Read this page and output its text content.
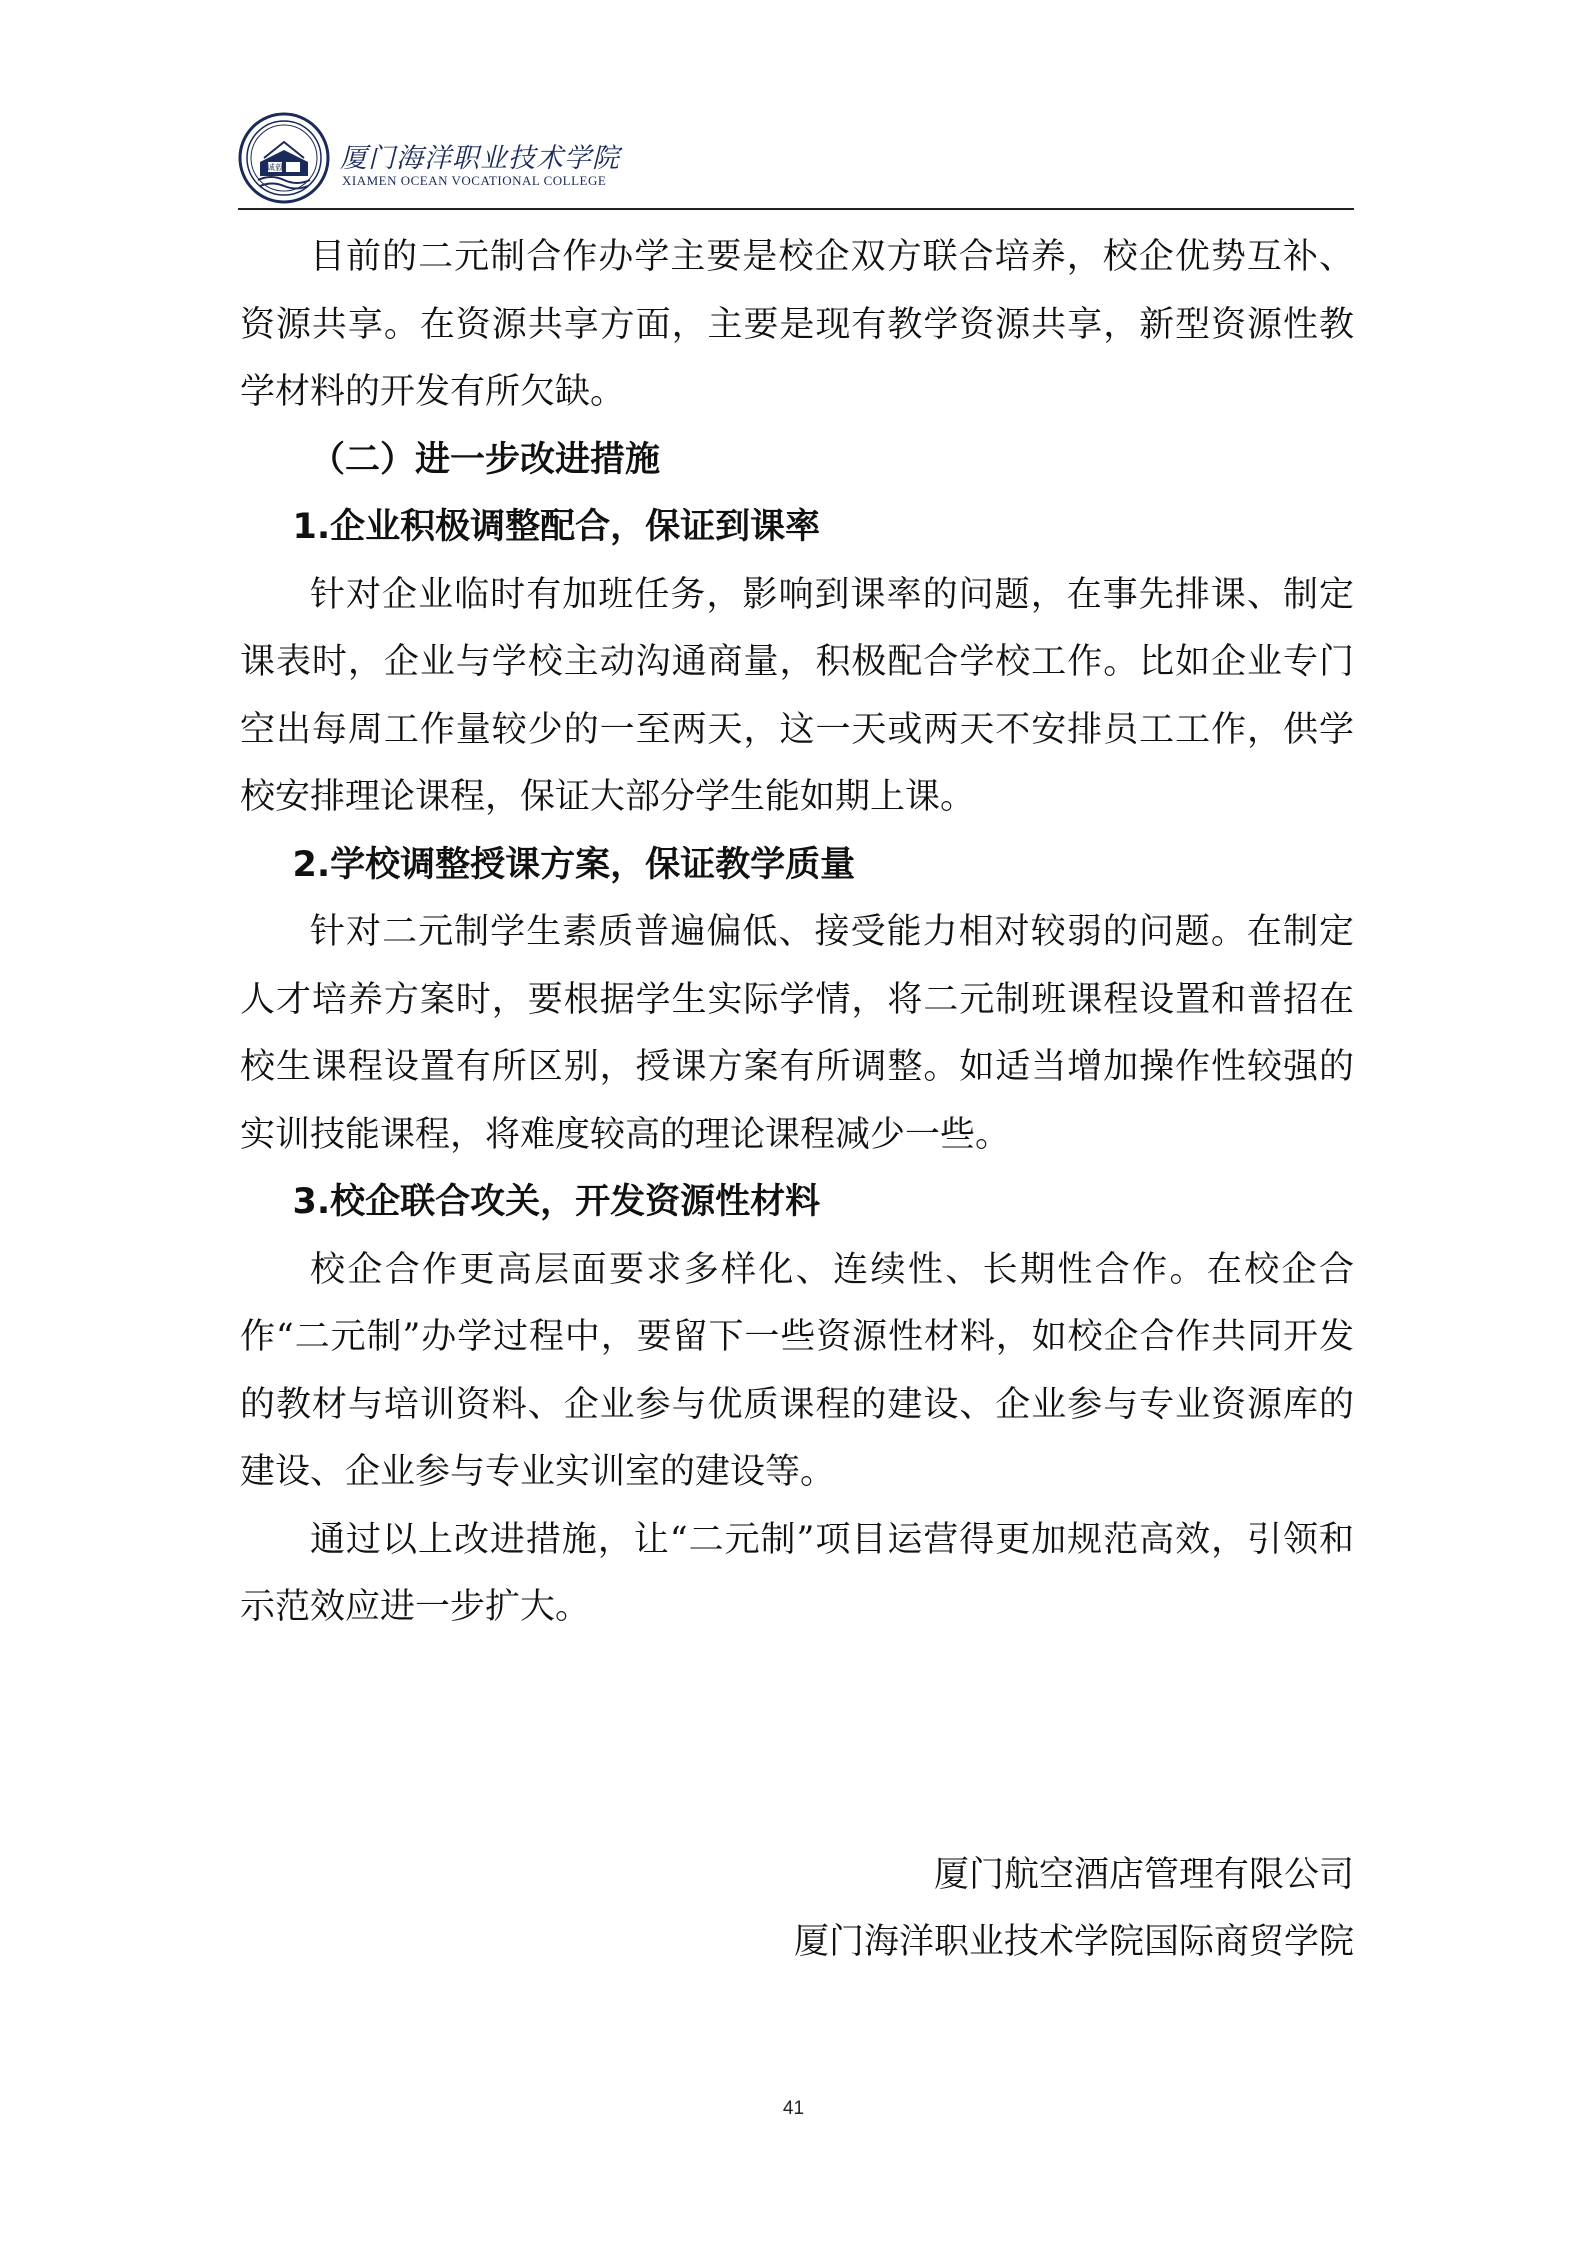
诚毅 厦门海洋职业技术学院
XIAMEN OCEAN VOCATIONAL COLLEGE

目前的二元制合作办学主要是校企双方联合培养，校企优势互补、资源共享。在资源共享方面，主要是现有教学资源共享，新型资源性教学材料的开发有所欠缺。

（二）进一步改进措施

1.企业积极调整配合，保证到课率

针对企业临时有加班任务，影响到课率的问题，在事先排课、制定课表时，企业与学校主动沟通商量，积极配合学校工作。比如企业专门空出每周工作量较少的一至两天，这一天或两天不安排员工工作，供学校安排理论课程，保证大部分学生能如期上课。

2.学校调整授课方案，保证教学质量

针对二元制学生素质普遍偏低、接受能力相对较弱的问题。在制定人才培养方案时，要根据学生实际学情，将二元制班课程设置和普招在校生课程设置有所区别，授课方案有所调整。如适当增加操作性较强的实训技能课程，将难度较高的理论课程减少一些。

3.校企联合攻关，开发资源性材料

校企合作更高层面要求多样化、连续性、长期性合作。在校企合作“二元制”办学过程中，要留下一些资源性材料，如校企合作共同开发的教材与培训资料、企业参与优质课程的建设、企业参与专业资源库的建设、企业参与专业实训室的建设等。

通过以上改进措施，让“二元制”项目运营得更加规范高效，引领和示范效应进一步扩大。

厦门航空酒店管理有限公司
厦门海洋职业技术学院国际商贸学院
41
